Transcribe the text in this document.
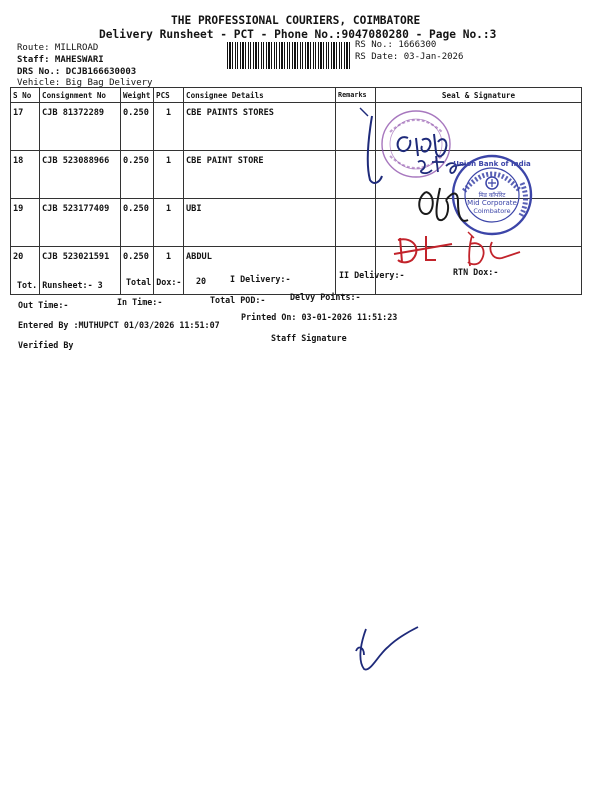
THE PROFESSIONAL COURIERS, COIMBATORE
Delivery Runsheet - PCT - Phone No.:9047080280 - Page No.:3
Route: MILLROAD
Staff: MAHESWARI
DRS No.: DCJB166630003
Vehicle: Big Bag Delivery
RS No.: 1666300
RS Date: 03-Jan-2026
S No	Consignment No	Weight	PCS	Consignee Details	Remarks	Seal & Signature
17	CJB 81372289	0.250	1	CBE PAINTS STORES		
18	CJB 523088966	0.250	1	CBE PAINT STORE		
19	CJB 523177409	0.250	1	UBI		
20	CJB 523021591	0.250	1	ABDUL		
Tot. Runsheet:- 3	Total Dox:- 20	I Delivery:-	II Delivery:-	RTN Dox:-
Out Time:-	In Time:-	Total POD:-	Delvy Points:-
Entered By :MUTHUPCT 01/03/2026 11:51:07
Printed On: 03-01-2026 11:51:23
Verified By
Staff Signature
मिड कॉर्पोरेट
Mid Corporate
Coimbatore
Union Bank of India
